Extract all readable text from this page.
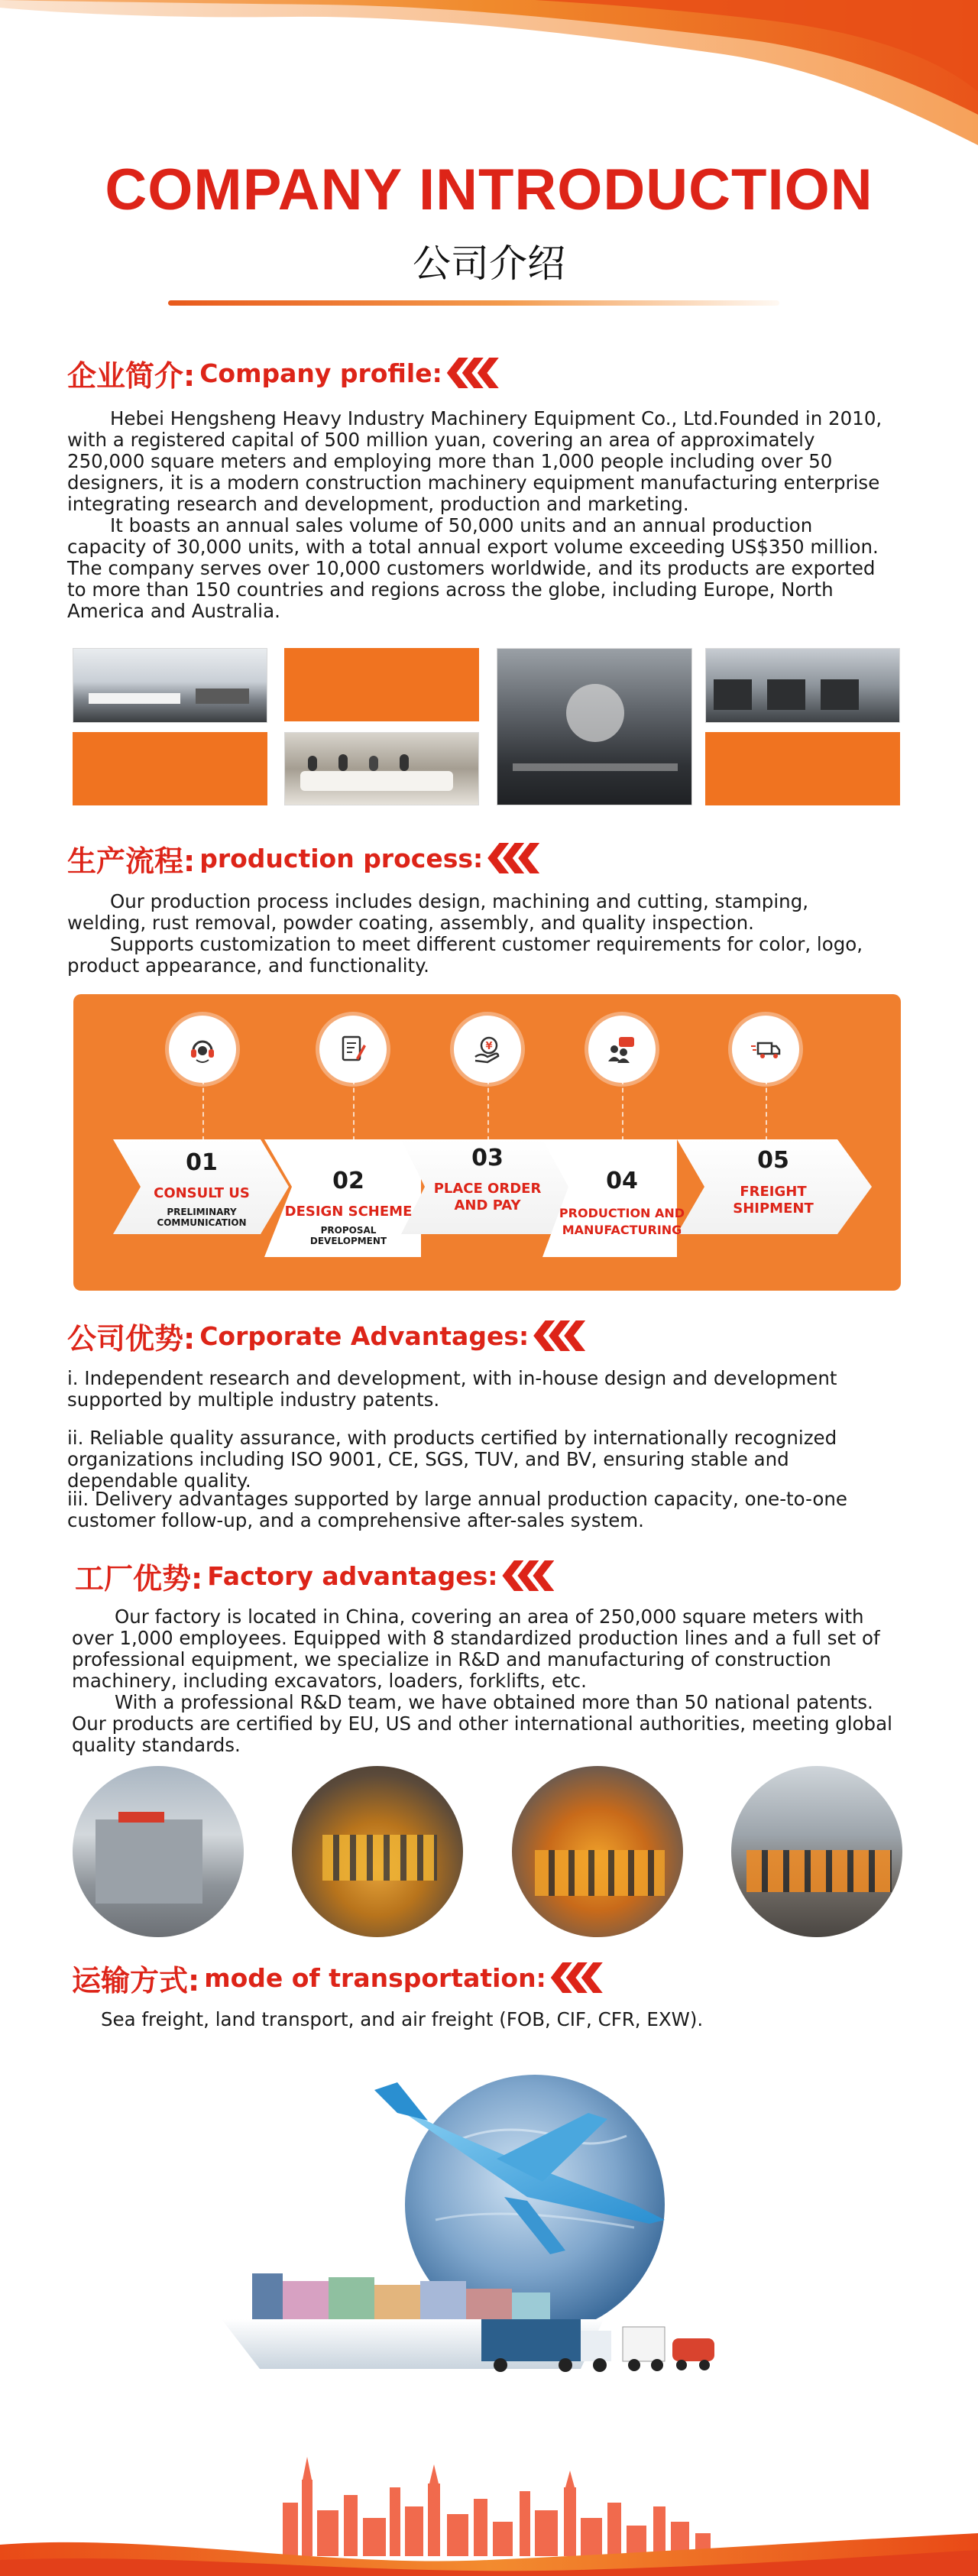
COMPANY INTRODUCTION
公司介绍
企业简介: Company profile:

Hebei Hengsheng Heavy Industry Machinery Equipment Co., Ltd.Founded in 2010, with a registered capital of 500 million yuan, covering an area of approximately 250,000 square meters and employing more than 1,000 people including over 50 designers, it is a modern construction machinery equipment manufacturing enterprise integrating research and development, production and marketing.

It boasts an annual sales volume of 50,000 units and an annual production capacity of 30,000 units, with a total annual export volume exceeding US$350 million.

The company serves over 10,000 customers worldwide, and its products are exported to more than 150 countries and regions across the globe, including Europe, North America and Australia.

生产流程: production process:

Our production process includes design, machining and cutting, stamping, welding, rust removal, powder coating, assembly, and quality inspection.

Supports customization to meet different customer requirements for color, logo, product appearance, and functionality.

¥
01
CONSULT US
PRELIMINARY COMMUNICATION
02
DESIGN SCHEME
PROPOSAL DEVELOPMENT
03
PLACE ORDER AND PAY
04
PRODUCTION AND MANUFACTURING
05
FREIGHT SHIPMENT
公司优势: Corporate Advantages:
i. Independent research and development, with in-house design and development supported by multiple industry patents.
ii. Reliable quality assurance, with products certified by internationally recognized organizations including ISO 9001, CE, SGS, TUV, and BV, ensuring stable and dependable quality.
iii. Delivery advantages supported by large annual production capacity, one-to-one customer follow-up, and a comprehensive after-sales system.
工厂优势: Factory advantages:

Our factory is located in China, covering an area of 250,000 square meters with over 1,000 employees. Equipped with 8 standardized production lines and a full set of professional equipment, we specialize in R&D and manufacturing of construction machinery, including excavators, loaders, forklifts, etc.

With a professional R&D team, we have obtained more than 50 national patents. Our products are certified by EU, US and other international authorities, meeting global quality standards.

运输方式: mode of transportation:
Sea freight, land transport, and air freight (FOB, CIF, CFR, EXW).
